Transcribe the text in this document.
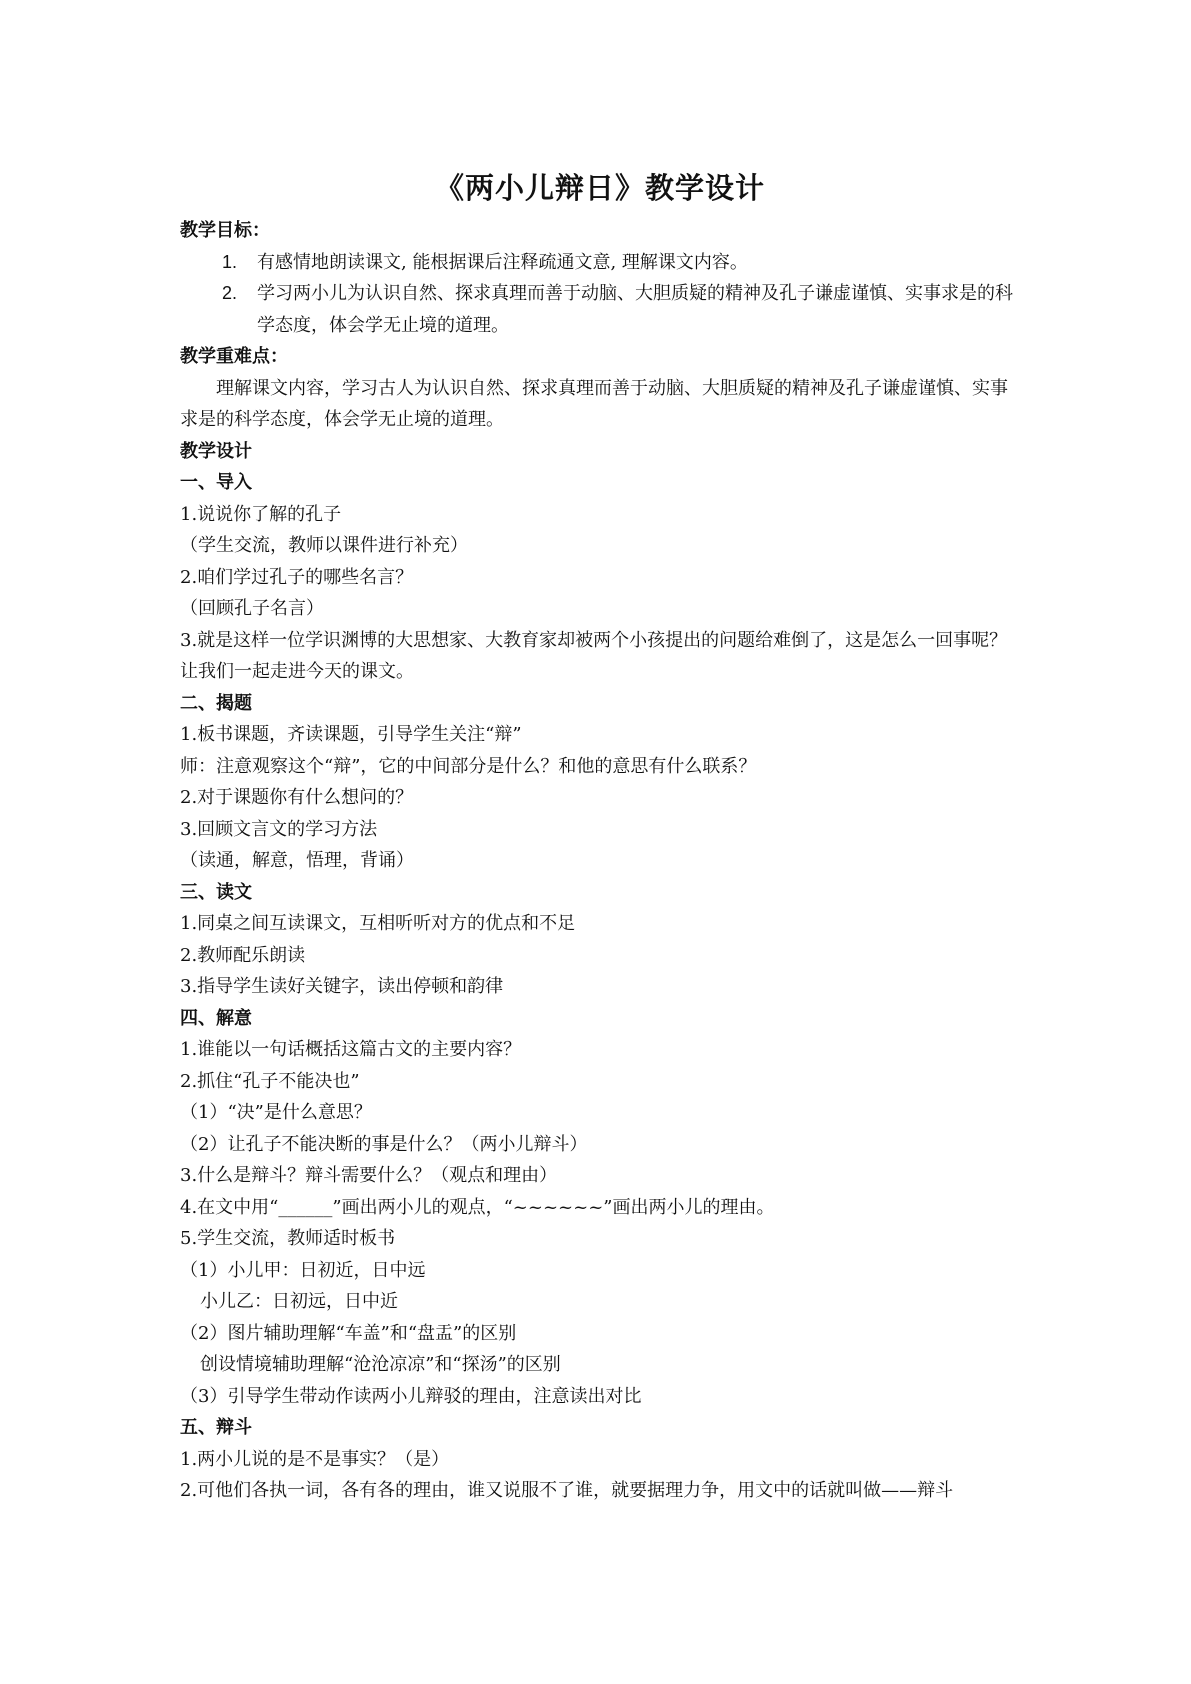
《两小儿辩日》教学设计
教学目标：
1.	有感情地朗读课文, 能根据课后注释疏通文意, 理解课文内容。
2.	学习两小儿为认识自然、探求真理而善于动脑、大胆质疑的精神及孔子谦虚谨慎、实事求是的科学态度，体会学无止境的道理。
教学重难点：
理解课文内容，学习古人为认识自然、探求真理而善于动脑、大胆质疑的精神及孔子谦虚谨慎、实事求是的科学态度，体会学无止境的道理。
教学设计
一、导入
1.说说你了解的孔子
（学生交流，教师以课件进行补充）
2.咱们学过孔子的哪些名言？
（回顾孔子名言）
3.就是这样一位学识渊博的大思想家、大教育家却被两个小孩提出的问题给难倒了，这是怎么一回事呢？让我们一起走进今天的课文。
二、揭题
1.板书课题，齐读课题，引导学生关注“辩”
师：注意观察这个“辩”，它的中间部分是什么？和他的意思有什么联系？
2.对于课题你有什么想问的？
3.回顾文言文的学习方法
（读通，解意，悟理，背诵）
三、读文
1.同桌之间互读课文，互相听听对方的优点和不足
2.教师配乐朗读
3.指导学生读好关键字，读出停顿和韵律
四、解意
1.谁能以一句话概括这篇古文的主要内容？
2.抓住“孔子不能决也”
（1）“决”是什么意思？
（2）让孔子不能决断的事是什么？（两小儿辩斗）
3.什么是辩斗？辩斗需要什么？（观点和理由）
4.在文中用“______”画出两小儿的观点，“~~~~~~”画出两小儿的理由。
5.学生交流，教师适时板书
（1）小儿甲：日初近，日中远
小儿乙：日初远，日中近
（2）图片辅助理解“车盖”和“盘盂”的区别
创设情境辅助理解“沧沧凉凉”和“探汤”的区别
（3）引导学生带动作读两小儿辩驳的理由，注意读出对比
五、辩斗
1.两小儿说的是不是事实？（是）
2.可他们各执一词，各有各的理由，谁又说服不了谁，就要据理力争，用文中的话就叫做——辩斗
